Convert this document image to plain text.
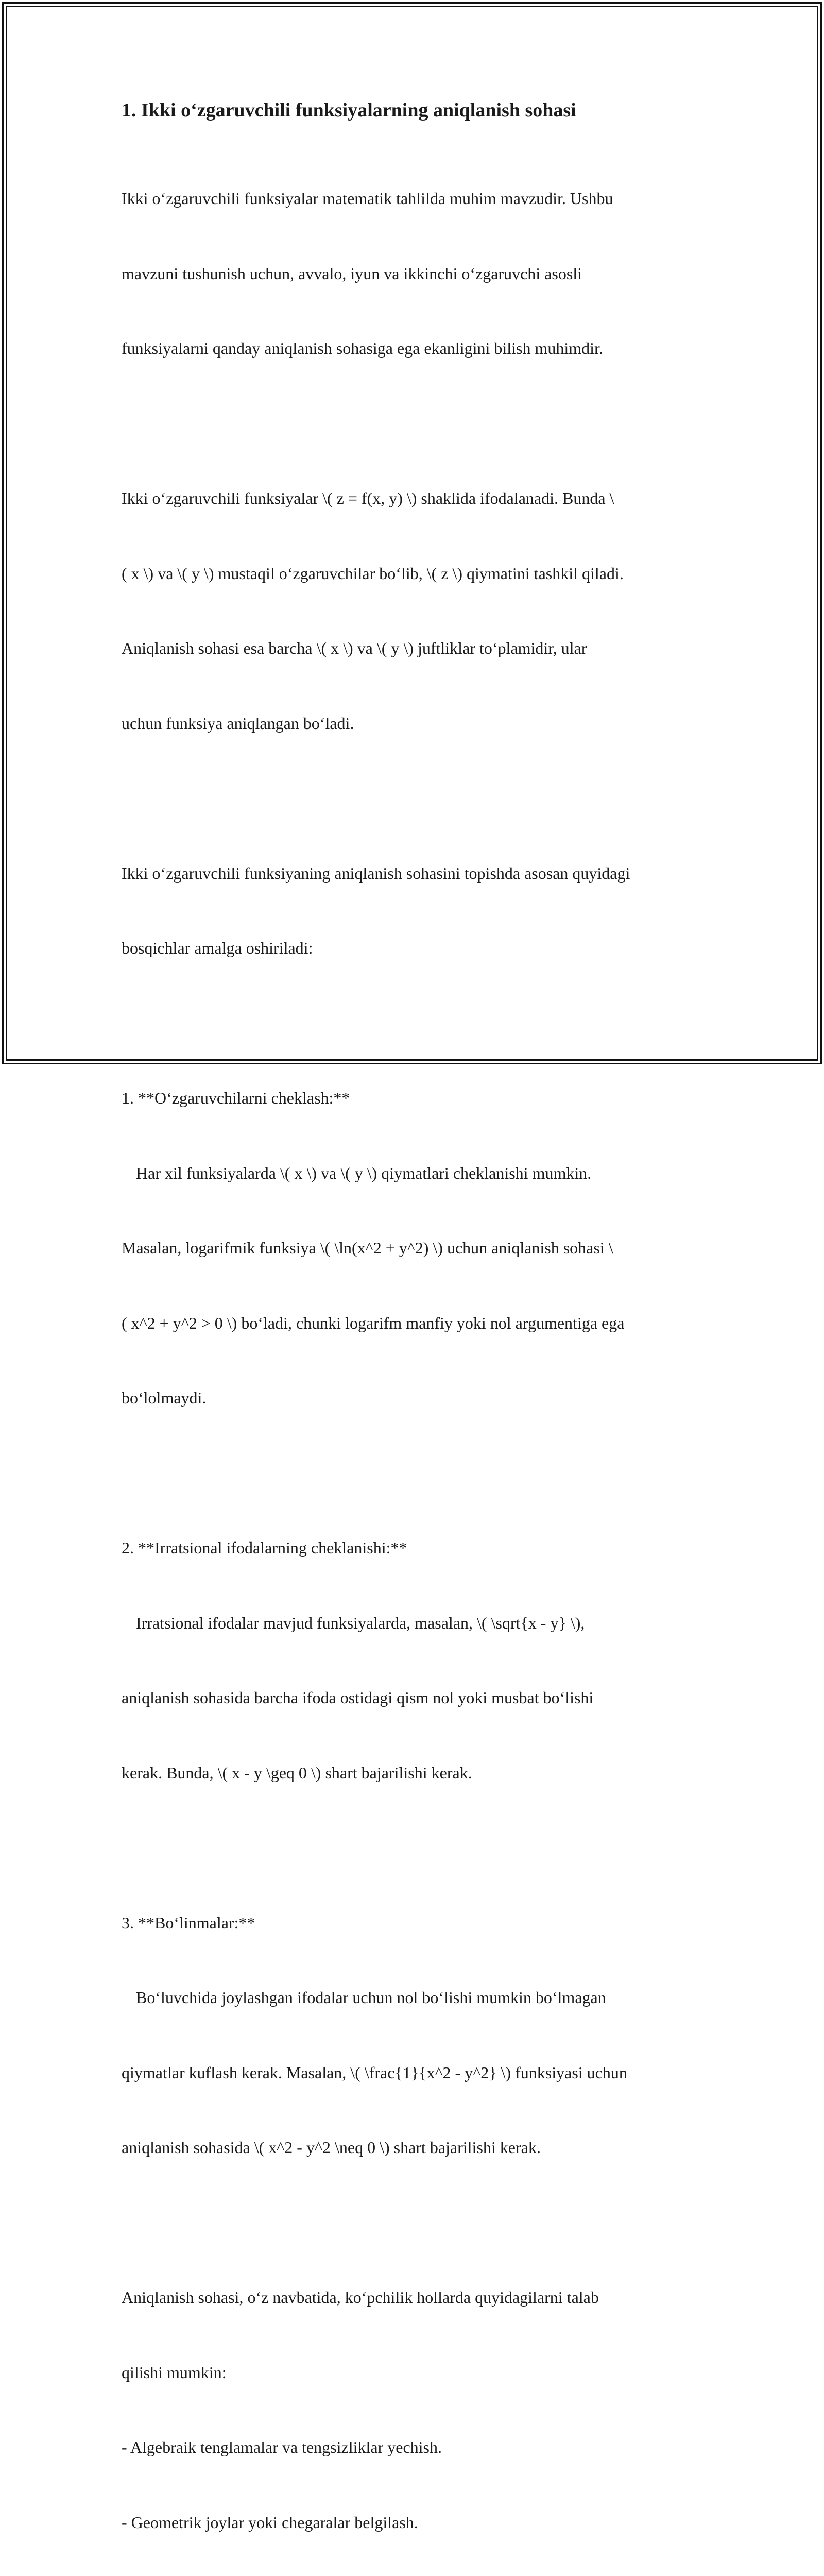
1. Ikki o‘zgaruvchili funksiyalarning aniqlanish sohasi

Ikki o‘zgaruvchili funksiyalar matematik tahlilda muhim mavzudir. Ushbu

mavzuni tushunish uchun, avvalo, iyun va ikkinchi o‘zgaruvchi asosli

funksiyalarni qanday aniqlanish sohasiga ega ekanligini bilish muhimdir.

Ikki o‘zgaruvchili funksiyalar \( z = f(x, y) \) shaklida ifodalanadi. Bunda \

( x \) va \( y \) mustaqil o‘zgaruvchilar bo‘lib, \( z \) qiymatini tashkil qiladi.

Aniqlanish sohasi esa barcha \( x \) va \( y \) juftliklar to‘plamidir, ular

uchun funksiya aniqlangan bo‘ladi.

Ikki o‘zgaruvchili funksiyaning aniqlanish sohasini topishda asosan quyidagi

bosqichlar amalga oshiriladi:

1. **O‘zgaruvchilarni cheklash:**

Har xil funksiyalarda \( x \) va \( y \) qiymatlari cheklanishi mumkin.

Masalan, logarifmik funksiya \( \ln(x^2 + y^2) \) uchun aniqlanish sohasi \

( x^2 + y^2 > 0 \) bo‘ladi, chunki logarifm manfiy yoki nol argumentiga ega

bo‘lolmaydi.

2. **Irratsional ifodalarning cheklanishi:**

Irratsional ifodalar mavjud funksiyalarda, masalan, \( \sqrt{x - y} \),

aniqlanish sohasida barcha ifoda ostidagi qism nol yoki musbat bo‘lishi

kerak. Bunda, \( x - y \geq 0 \) shart bajarilishi kerak.

3. **Bo‘linmalar:**

Bo‘luvchida joylashgan ifodalar uchun nol bo‘lishi mumkin bo‘lmagan

qiymatlar kuflash kerak. Masalan, \( \frac{1}{x^2 - y^2} \) funksiyasi uchun

aniqlanish sohasida \( x^2 - y^2 \neq 0 \) shart bajarilishi kerak.

Aniqlanish sohasi, o‘z navbatida, ko‘pchilik hollarda quyidagilarni talab

qilishi mumkin:

- Algebraik tenglamalar va tengsizliklar yechish.

- Geometrik joylar yoki chegaralar belgilash.
